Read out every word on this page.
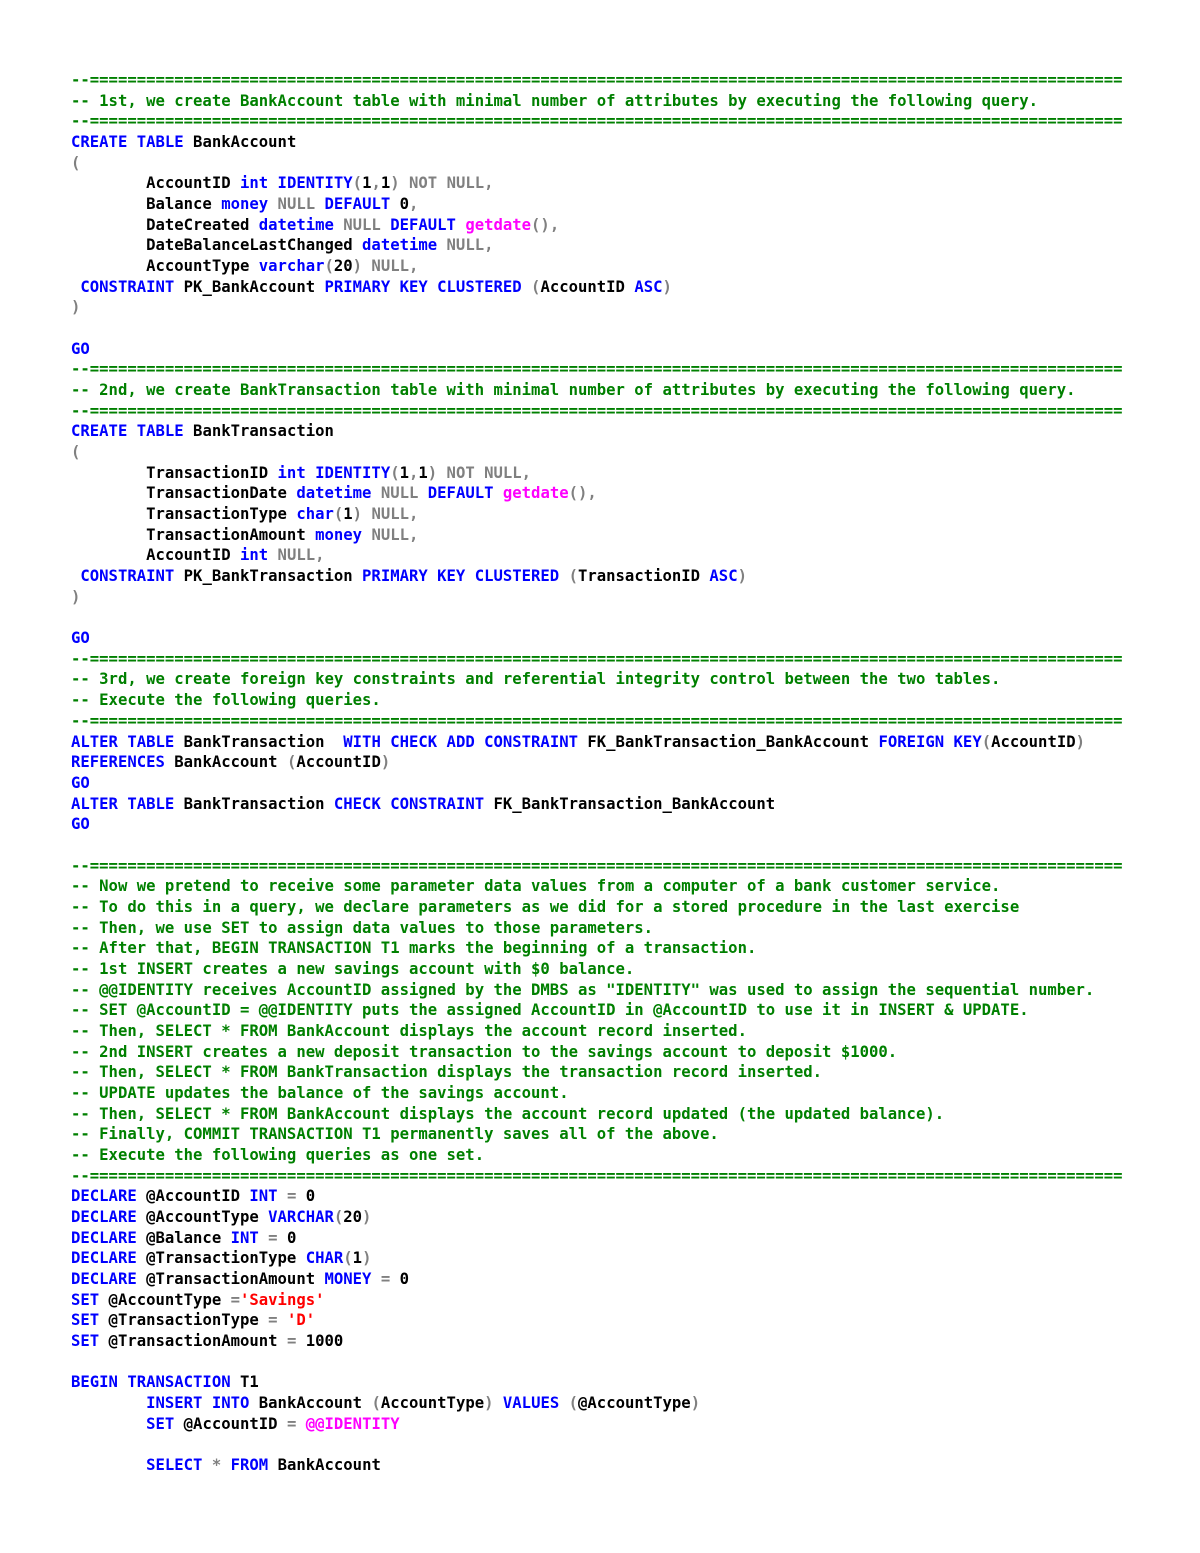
--==============================================================================================================
-- 1st, we create BankAccount table with minimal number of attributes by executing the following query.
--==============================================================================================================
CREATE TABLE BankAccount
(
AccountID int IDENTITY(1,1) NOT NULL,
Balance money NULL DEFAULT 0,
DateCreated datetime NULL DEFAULT getdate(),
DateBalanceLastChanged datetime NULL,
AccountType varchar(20) NULL,
CONSTRAINT PK_BankAccount PRIMARY KEY CLUSTERED (AccountID ASC)
)
GO
--==============================================================================================================
-- 2nd, we create BankTransaction table with minimal number of attributes by executing the following query.
--==============================================================================================================
CREATE TABLE BankTransaction
(
TransactionID int IDENTITY(1,1) NOT NULL,
TransactionDate datetime NULL DEFAULT getdate(),
TransactionType char(1) NULL,
TransactionAmount money NULL,
AccountID int NULL,
CONSTRAINT PK_BankTransaction PRIMARY KEY CLUSTERED (TransactionID ASC)
)
GO
--==============================================================================================================
-- 3rd, we create foreign key constraints and referential integrity control between the two tables.
-- Execute the following queries.
--==============================================================================================================
ALTER TABLE BankTransaction  WITH CHECK ADD CONSTRAINT FK_BankTransaction_BankAccount FOREIGN KEY(AccountID)
REFERENCES BankAccount (AccountID)
GO
ALTER TABLE BankTransaction CHECK CONSTRAINT FK_BankTransaction_BankAccount
GO
--==============================================================================================================
-- Now we pretend to receive some parameter data values from a computer of a bank customer service.
-- To do this in a query, we declare parameters as we did for a stored procedure in the last exercise
-- Then, we use SET to assign data values to those parameters.
-- After that, BEGIN TRANSACTION T1 marks the beginning of a transaction.
-- 1st INSERT creates a new savings account with $0 balance.
-- @@IDENTITY receives AccountID assigned by the DMBS as "IDENTITY" was used to assign the sequential number.
-- SET @AccountID = @@IDENTITY puts the assigned AccountID in @AccountID to use it in INSERT & UPDATE.
-- Then, SELECT * FROM BankAccount displays the account record inserted.
-- 2nd INSERT creates a new deposit transaction to the savings account to deposit $1000.
-- Then, SELECT * FROM BankTransaction displays the transaction record inserted.
-- UPDATE updates the balance of the savings account.
-- Then, SELECT * FROM BankAccount displays the account record updated (the updated balance).
-- Finally, COMMIT TRANSACTION T1 permanently saves all of the above.
-- Execute the following queries as one set.
--==============================================================================================================
DECLARE @AccountID INT = 0
DECLARE @AccountType VARCHAR(20)
DECLARE @Balance INT = 0
DECLARE @TransactionType CHAR(1)
DECLARE @TransactionAmount MONEY = 0
SET @AccountType ='Savings'
SET @TransactionType = 'D'
SET @TransactionAmount = 1000
BEGIN TRANSACTION T1
INSERT INTO BankAccount (AccountType) VALUES (@AccountType)
SET @AccountID = @@IDENTITY
SELECT * FROM BankAccount
